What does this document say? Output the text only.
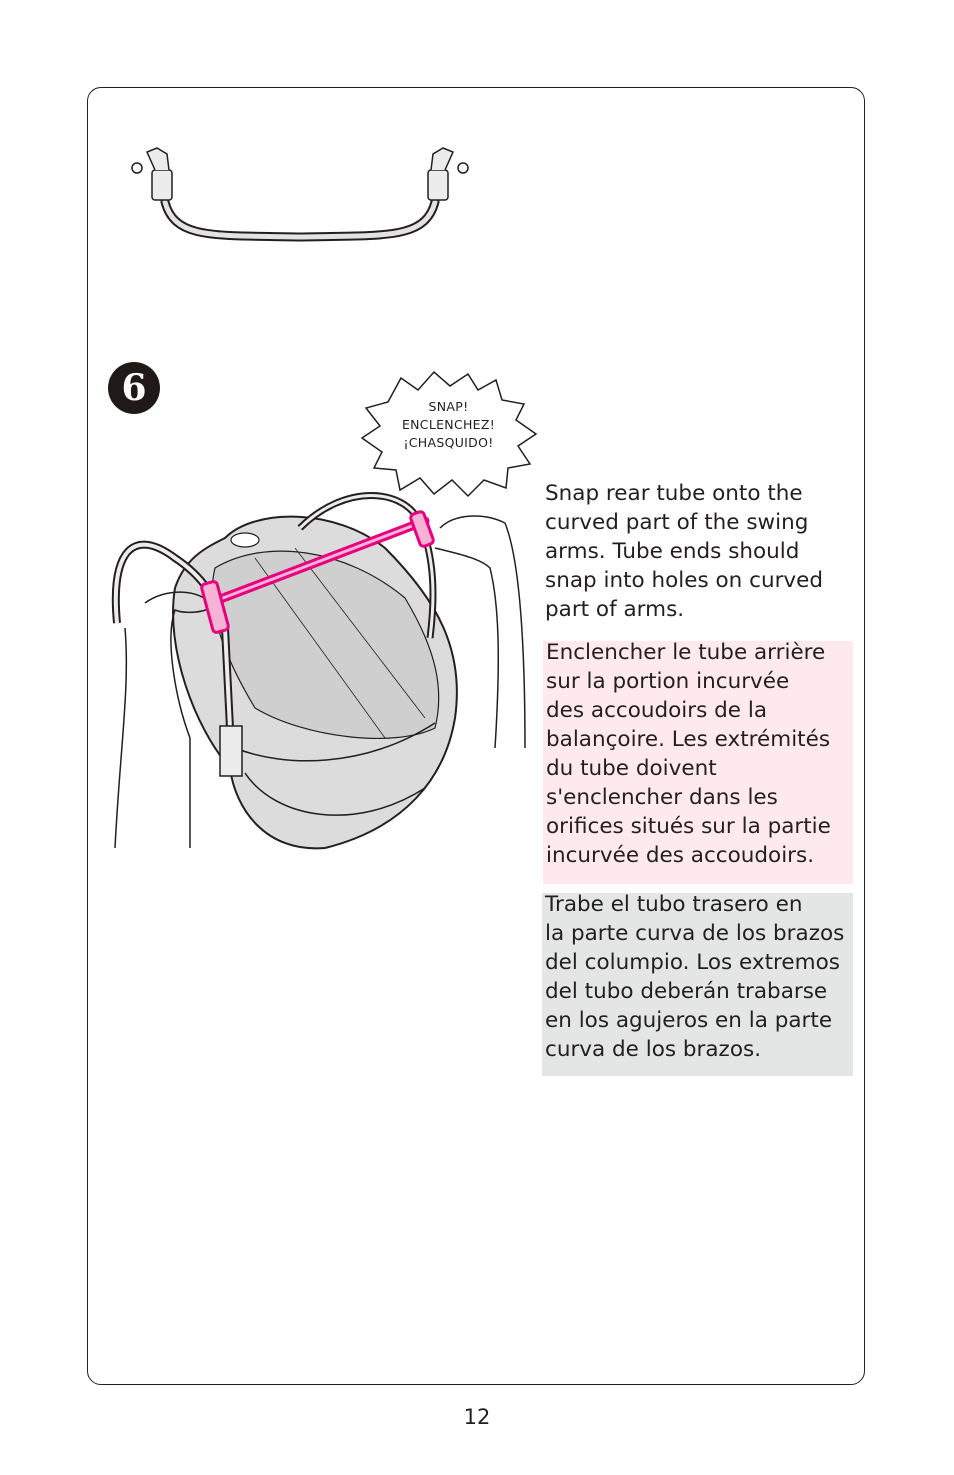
6	SNAP!
ENCLENCHEZ!
¡CHASQUIDO!

Snap rear tube onto the
curved part of the swing
arms. Tube ends should
snap into holes on curved
part of arms.

Enclencher le tube arrière
sur la portion incurvée
des accoudoirs de la
balançoire. Les extrémités
du tube doivent
s'enclencher dans les
orifices situés sur la partie
incurvée des accoudoirs.

Trabe el tubo trasero en
la parte curva de los brazos
del columpio. Los extremos
del tubo deberán trabarse
en los agujeros en la parte
curva de los brazos.

12
